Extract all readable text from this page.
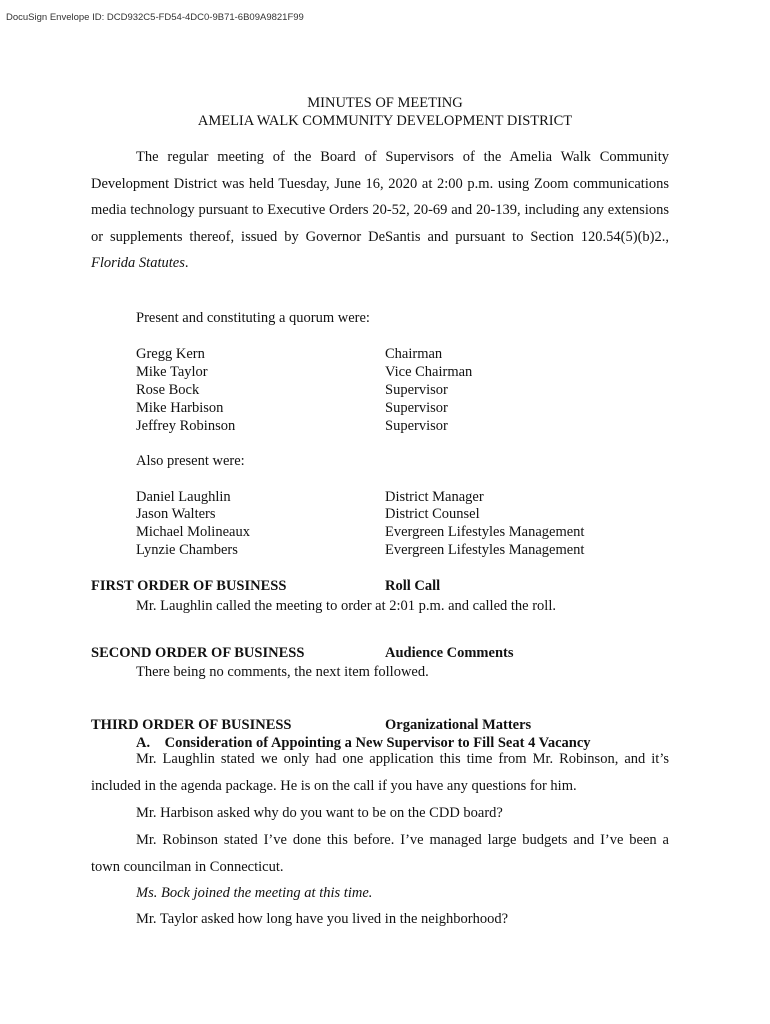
DocuSign Envelope ID: DCD932C5-FD54-4DC0-9B71-6B09A9821F99
MINUTES OF MEETING
AMELIA WALK COMMUNITY DEVELOPMENT DISTRICT

The regular meeting of the Board of Supervisors of the Amelia Walk Community Development District was held Tuesday, June 16, 2020 at 2:00 p.m. using Zoom communications media technology pursuant to Executive Orders 20-52, 20-69 and 20-139, including any extensions or supplements thereof, issued by Governor DeSantis and pursuant to Section 120.54(5)(b)2., Florida Statutes.

Present and constituting a quorum were:
Gregg Kern	Chairman
Mike Taylor	Vice Chairman
Rose Bock	Supervisor
Mike Harbison	Supervisor
Jeffrey Robinson	Supervisor
Also present were:
Daniel Laughlin	District Manager
Jason Walters	District Counsel
Michael Molineaux	Evergreen Lifestyles Management
Lynzie Chambers	Evergreen Lifestyles Management
FIRST ORDER OF BUSINESS	Roll Call
Mr. Laughlin called the meeting to order at 2:01 p.m. and called the roll.
SECOND ORDER OF BUSINESS	Audience Comments
There being no comments, the next item followed.
THIRD ORDER OF BUSINESS	Organizational Matters
A.    Consideration of Appointing a New Supervisor to Fill Seat 4 Vacancy

Mr. Laughlin stated we only had one application this time from Mr. Robinson, and it’s included in the agenda package. He is on the call if you have any questions for him.

Mr. Harbison asked why do you want to be on the CDD board?

Mr. Robinson stated I’ve done this before. I’ve managed large budgets and I’ve been a town councilman in Connecticut.

Ms. Bock joined the meeting at this time.

Mr. Taylor asked how long have you lived in the neighborhood?
